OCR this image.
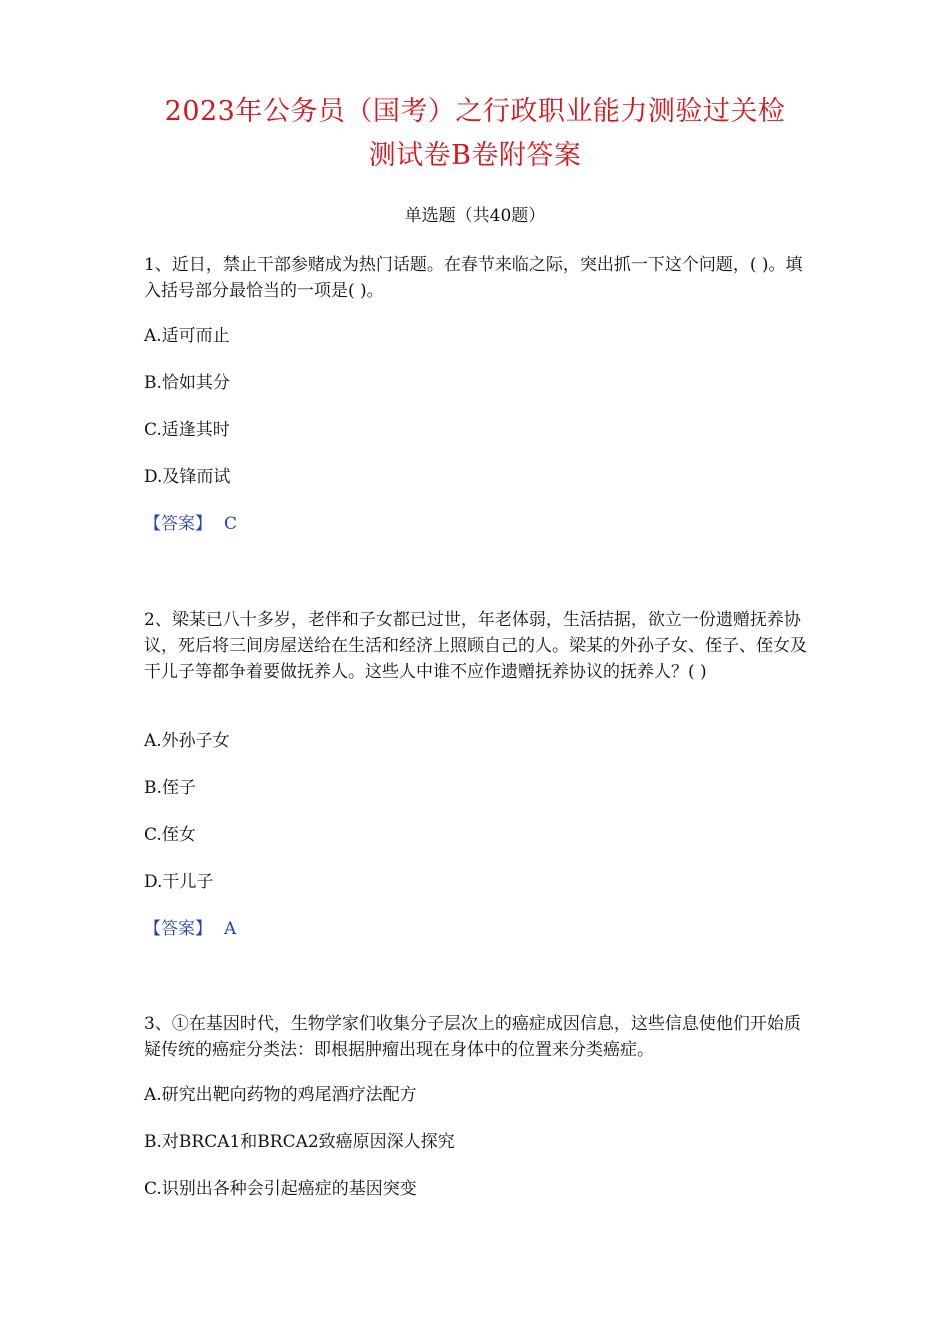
2023年公务员（国考）之行政职业能力测验过关检
测试卷B卷附答案
单选题（共40题）
1、近日，禁止干部参赌成为热门话题。在春节来临之际，突出抓一下这个问题，( )。填入括号部分最恰当的一项是( )。
A.适可而止
B.恰如其分
C.适逢其时
D.及锋而试
【答案】 C
2、梁某已八十多岁，老伴和子女都已过世，年老体弱，生活拮据，欲立一份遗赠抚养协议，死后将三间房屋送给在生活和经济上照顾自己的人。梁某的外孙子女、侄子、侄女及干儿子等都争着要做抚养人。这些人中谁不应作遗赠抚养协议的抚养人？( )
A.外孙子女
B.侄子
C.侄女
D.干儿子
【答案】 A
3、①在基因时代，生物学家们收集分子层次上的癌症成因信息，这些信息使他们开始质疑传统的癌症分类法：即根据肿瘤出现在身体中的位置来分类癌症。
A.研究出靶向药物的鸡尾酒疗法配方
B.对BRCA1和BRCA2致癌原因深人探究
C.识别出各种会引起癌症的基因突变
